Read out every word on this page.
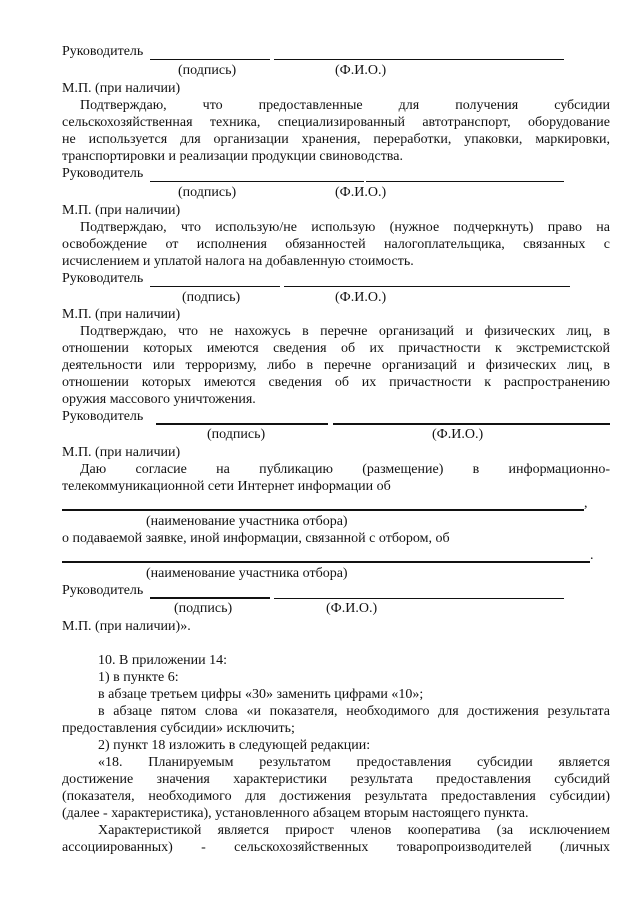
Руководитель
(подпись)	(Ф.И.О.)
М.П. (при наличии)
Подтверждаю, что предоставленные для получения субсидии
сельскохозяйственная техника, специализированный автотранспорт, оборудование
не используется для организации хранения, переработки, упаковки, маркировки,
транспортировки и реализации продукции свиноводства.
Руководитель
(подпись)	(Ф.И.О.)
М.П. (при наличии)
Подтверждаю, что использую/не использую (нужное подчеркнуть) право на
освобождение от исполнения обязанностей налогоплательщика, связанных с
исчислением и уплатой налога на добавленную стоимость.
Руководитель
(подпись)	(Ф.И.О.)
М.П. (при наличии)
Подтверждаю, что не нахожусь в перечне организаций и физических лиц, в
отношении которых имеются сведения об их причастности к экстремистской
деятельности или терроризму, либо в перечне организаций и физических лиц, в
отношении которых имеются сведения об их причастности к распространению
оружия массового уничтожения.
Руководитель
(подпись)	(Ф.И.О.)
М.П. (при наличии)
Даю согласие на публикацию (размещение) в информационно-
телекоммуникационной сети Интернет информации об
,
(наименование участника отбора)
о подаваемой заявке, иной информации, связанной с отбором, об
.
(наименование участника отбора)
Руководитель
(подпись)	(Ф.И.О.)
М.П. (при наличии)».
10. В приложении 14:
1) в пункте 6:
в абзаце третьем цифры «30» заменить цифрами «10»;
в абзаце пятом слова «и показателя, необходимого для достижения результата
предоставления субсидии» исключить;
2) пункт 18 изложить в следующей редакции:
«18. Планируемым результатом предоставления субсидии является
достижение значения характеристики результата предоставления субсидий
(показателя, необходимого для достижения результата предоставления субсидии)
(далее - характеристика), установленного абзацем вторым настоящего пункта.
Характеристикой является прирост членов кооператива (за исключением
ассоциированных) - сельскохозяйственных товаропроизводителей (личных
